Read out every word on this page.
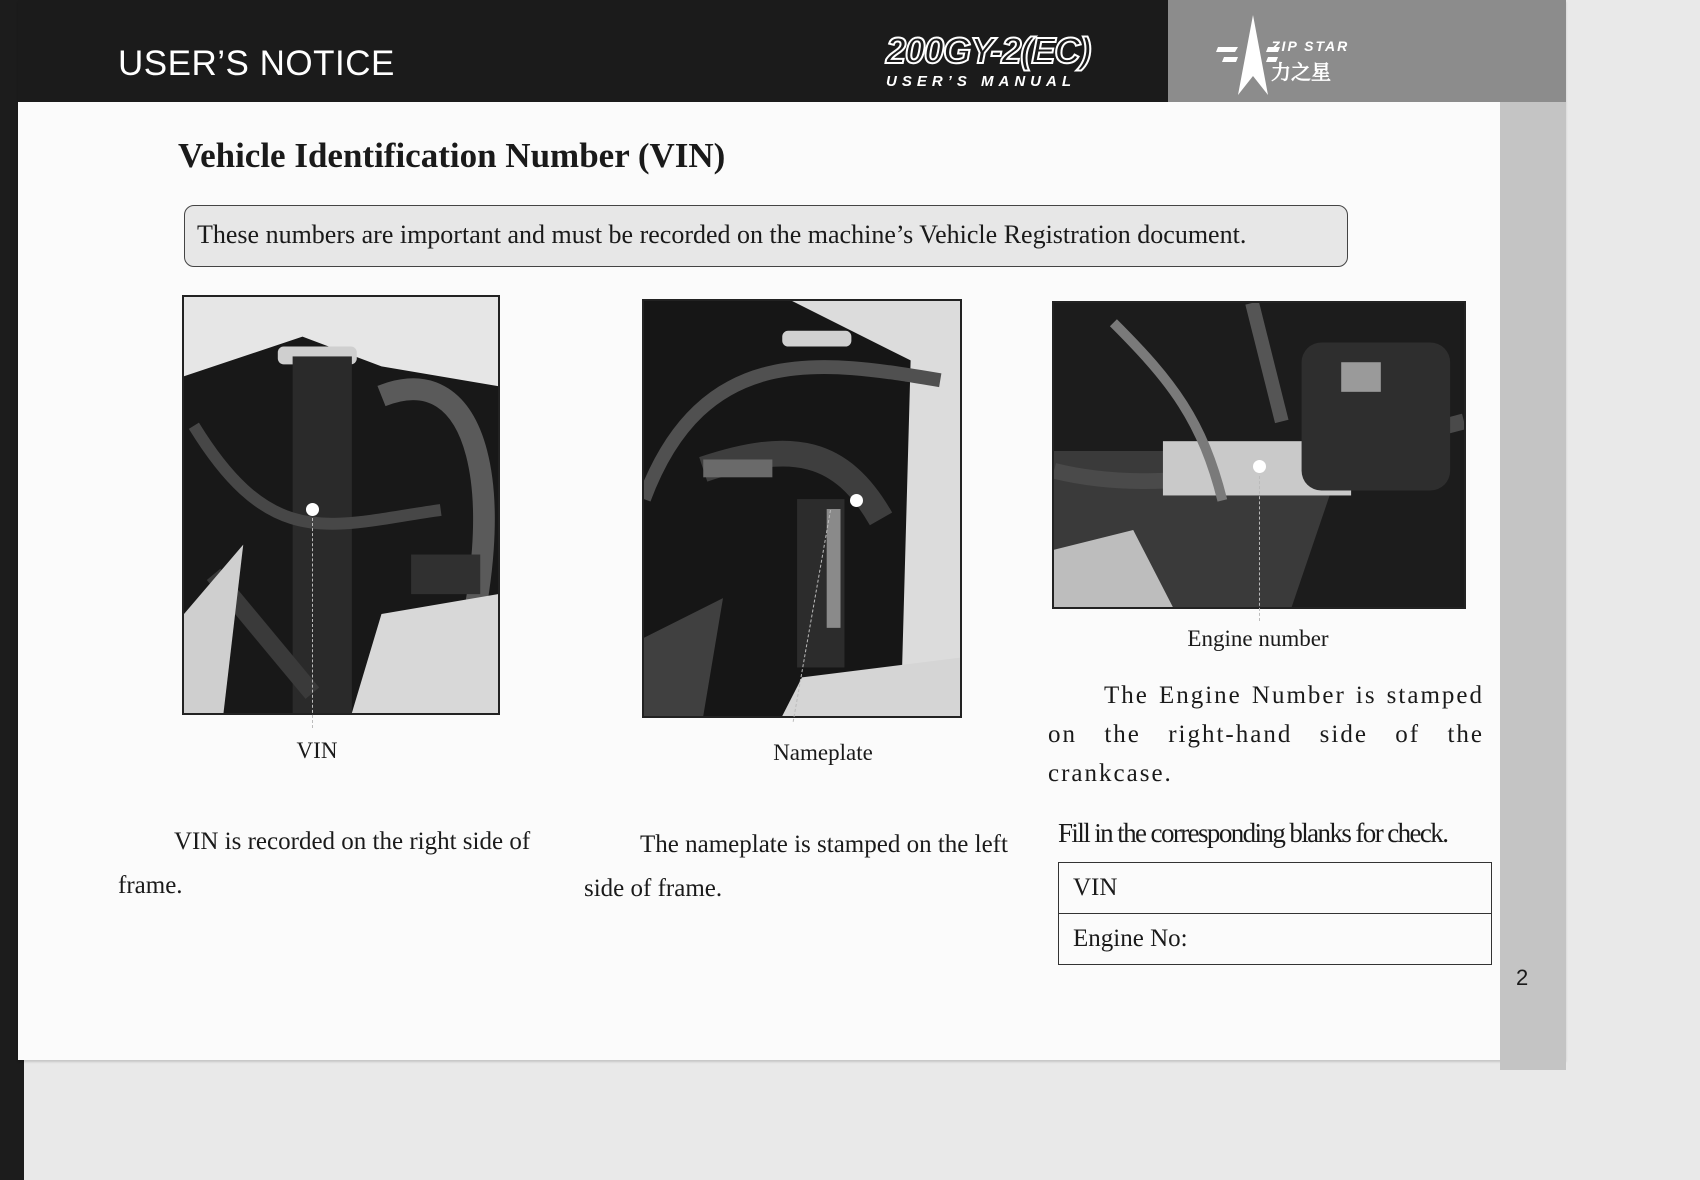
USER’S NOTICE	200GY-2(EC)
USER’S MANUAL
ZIP STAR
力之星
Vehicle Identification Number (VIN)
These numbers are important and must be recorded on the machine’s Vehicle Registration document.
VIN	Nameplate
Engine number
VIN is recorded on the right side of frame.
The nameplate is stamped on the left side of frame.
The Engine Number is stamped on the right-hand side of the crankcase.
Fill in the corresponding blanks for check.
VIN
Engine No:
2
